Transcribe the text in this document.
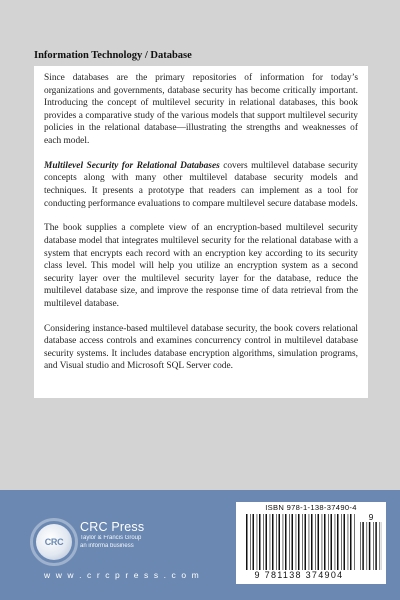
Information Technology / Database

Since databases are the primary repositories of information for today’s organizations and governments, database security has become critically important. Introducing the concept of multilevel security in relational databases, this book provides a comparative study of the various models that support multilevel security policies in the relational database—illustrating the strengths and weaknesses of each model.

Multilevel Security for Relational Databases covers multilevel database security concepts along with many other multilevel database security models and techniques. It presents a prototype that readers can implement as a tool for conducting performance evaluations to compare multilevel secure database models.

The book supplies a complete view of an encryption-based multilevel security database model that integrates multilevel security for the relational database with a system that encrypts each record with an encryption key according to its security class level. This model will help you utilize an encryption system as a second security layer over the multilevel security layer for the database, reduce the multilevel database size, and improve the response time of data retrieval from the multilevel database.

Considering instance-based multilevel database security, the book covers relational database access controls and examines concurrency control in multilevel database security systems. It includes database encryption algorithms, simulation programs, and Visual studio and Microsoft SQL Server code.

CRC
CRC Press
Taylor & Francis Group
an informa business
w w w . c r c p r e s s . c o m
ISBN 978-1-138-37490-4
9
9 781138 374904
